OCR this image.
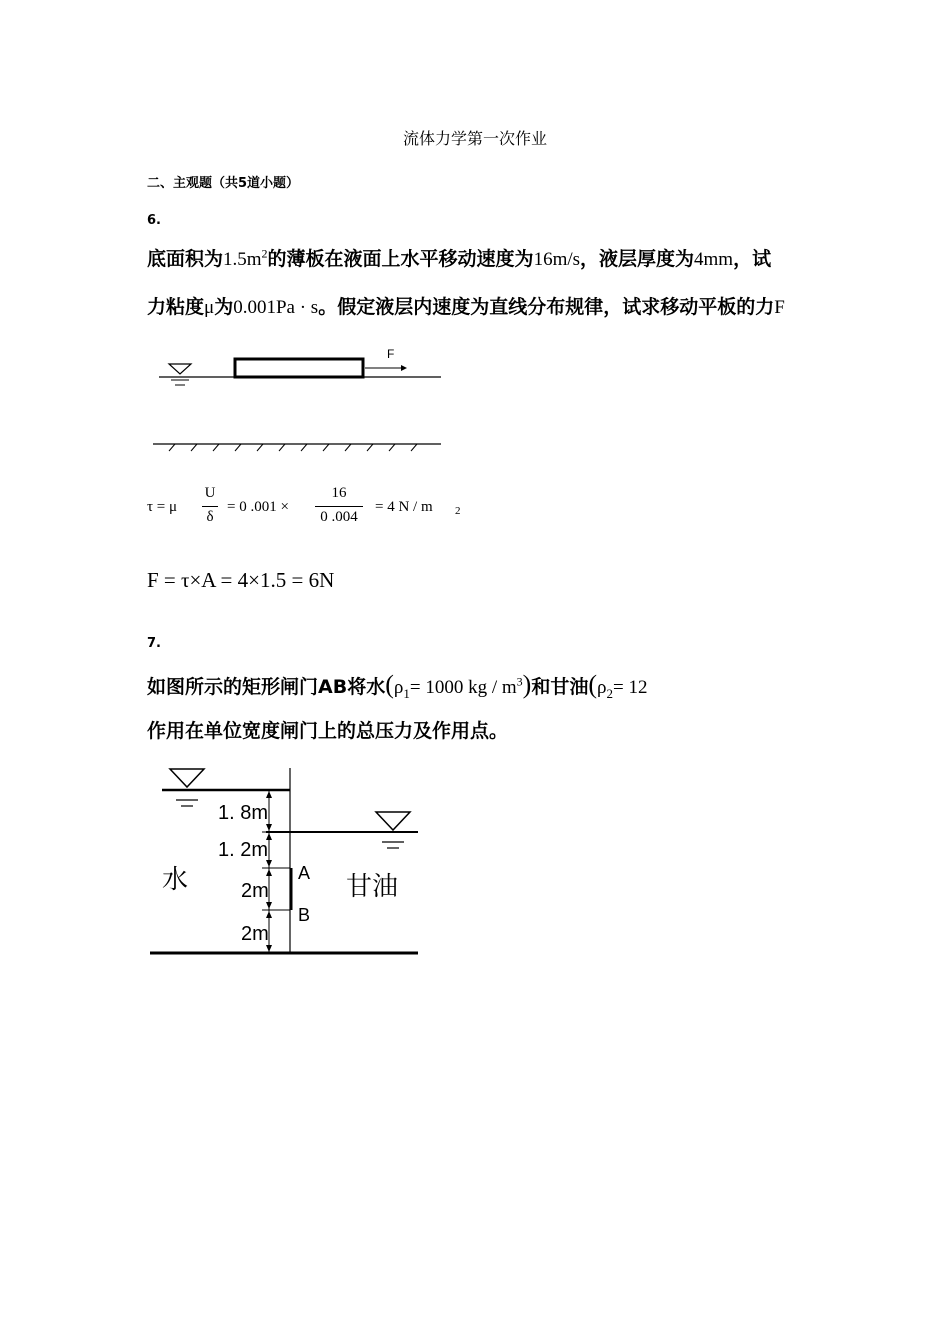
流体力学第一次作业
二、主观题（共5道小题）
6.
底面积为$1.5m^2$的薄板在液面上水平移动速度为16m/s，液层厚度为4mm，试
力粘度μ为0.001Pa · s。假定液层内速度为直线分布规律，试求移动平板的力F
F
τ = μ
U
δ
= 0 .001 ×
16
0 .004
= 4 N / m 2
F = τ×A = 4×1.5 = 6N
7.
如图所示的矩形闸门AB将水($\rho_1= 1000$ kg / $m^3$)和甘油($\rho_2= 12$
作用在单位宽度闸门上的总压力及作用点。
1. 8m
1. 2m
2m
2m
A
B
水	甘油
